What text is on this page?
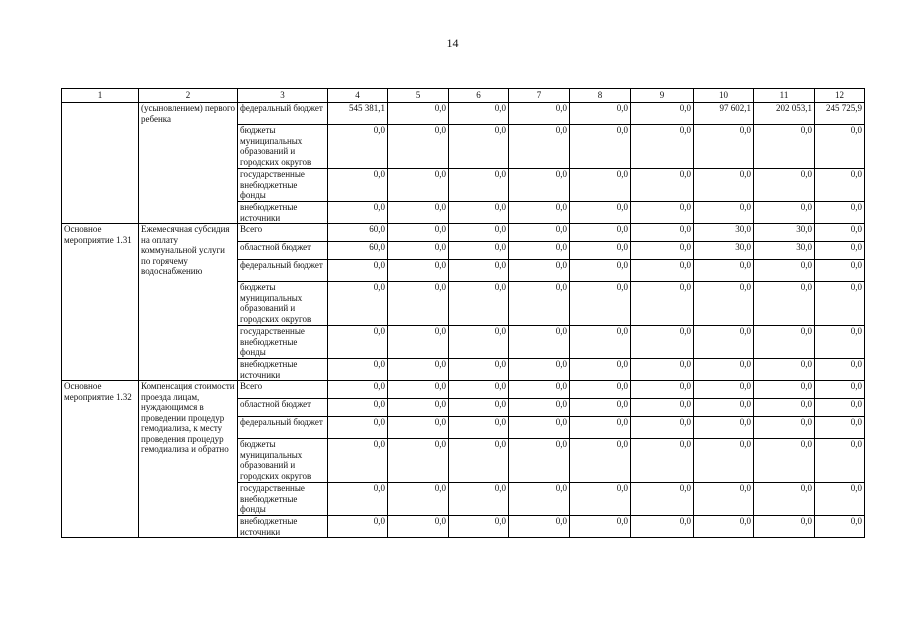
14
1	2	3	4	5	6	7	8	9	10	11	12
	(усыновлением) первого ребенка	федеральный бюджет	545 381,1	0,0	0,0	0,0	0,0	0,0	97 602,1	202 053,1	245 725,9
		бюджеты муниципальных образований и городских округов	0,0	0,0	0,0	0,0	0,0	0,0	0,0	0,0	0,0
		государственные внебюджетные фонды	0,0	0,0	0,0	0,0	0,0	0,0	0,0	0,0	0,0
		внебюджетные источники	0,0	0,0	0,0	0,0	0,0	0,0	0,0	0,0	0,0
Основное мероприятие 1.31	Ежемесячная субсидия на оплату коммунальной услуги по горячему водоснабжению	Всего	60,0	0,0	0,0	0,0	0,0	0,0	30,0	30,0	0,0
		областной бюджет	60,0	0,0	0,0	0,0	0,0	0,0	30,0	30,0	0,0
		федеральный бюджет	0,0	0,0	0,0	0,0	0,0	0,0	0,0	0,0	0,0
		бюджеты муниципальных образований и городских округов	0,0	0,0	0,0	0,0	0,0	0,0	0,0	0,0	0,0
		государственные внебюджетные фонды	0,0	0,0	0,0	0,0	0,0	0,0	0,0	0,0	0,0
		внебюджетные источники	0,0	0,0	0,0	0,0	0,0	0,0	0,0	0,0	0,0
Основное мероприятие 1.32	Компенсация стоимости проезда лицам, нуждающимся в проведении процедур гемодиализа, к месту проведения процедур гемодиализа и обратно	Всего	0,0	0,0	0,0	0,0	0,0	0,0	0,0	0,0	0,0
		областной бюджет	0,0	0,0	0,0	0,0	0,0	0,0	0,0	0,0	0,0
		федеральный бюджет	0,0	0,0	0,0	0,0	0,0	0,0	0,0	0,0	0,0
		бюджеты муниципальных образований и городских округов	0,0	0,0	0,0	0,0	0,0	0,0	0,0	0,0	0,0
		государственные внебюджетные фонды	0,0	0,0	0,0	0,0	0,0	0,0	0,0	0,0	0,0
		внебюджетные источники	0,0	0,0	0,0	0,0	0,0	0,0	0,0	0,0	0,0
